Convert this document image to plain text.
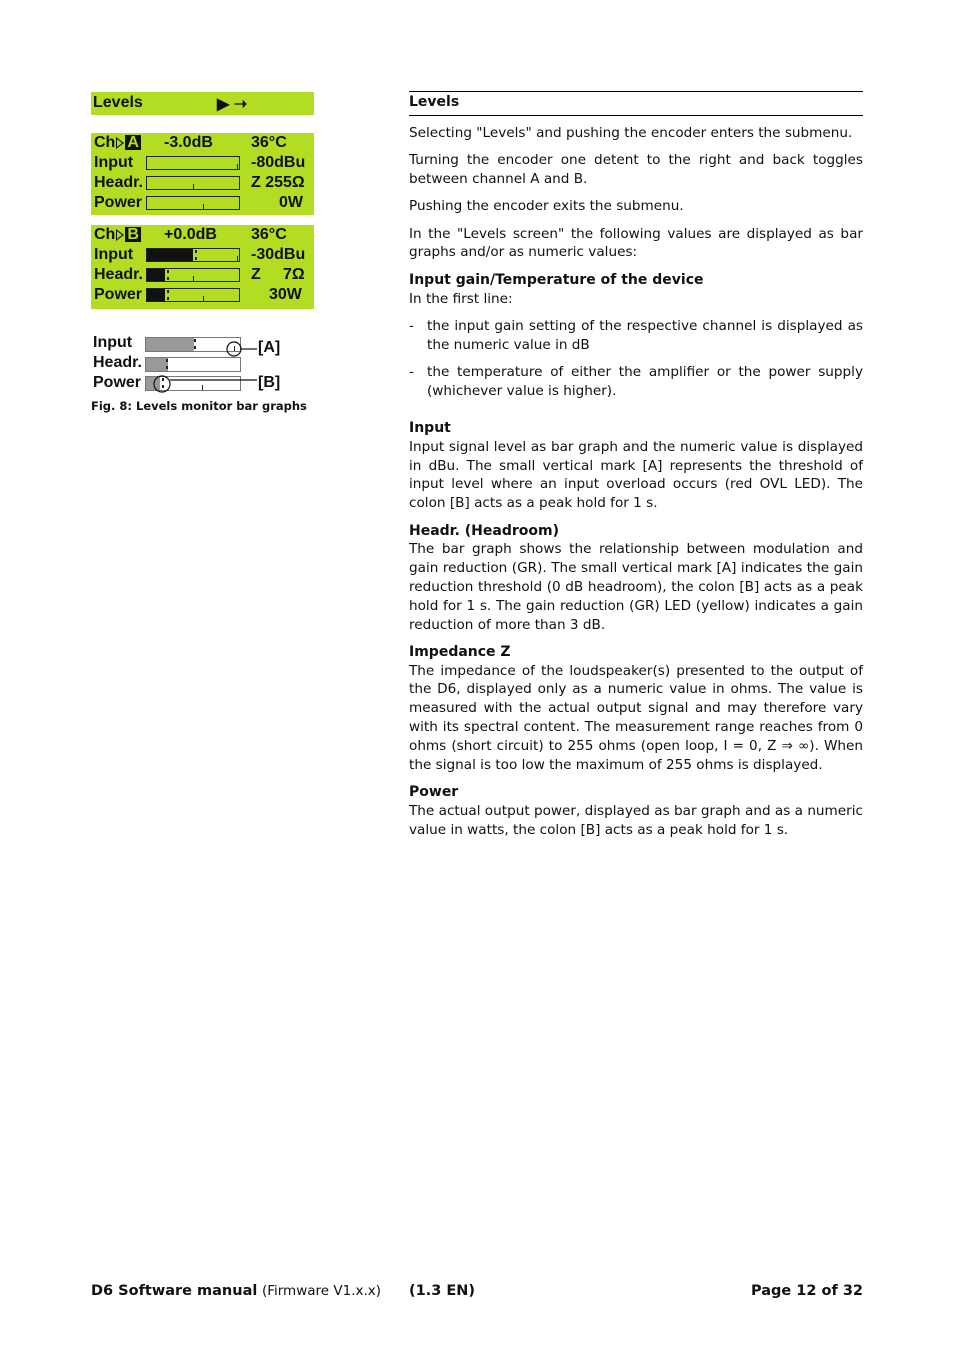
Levels	▶ ➝
Ch A -3.0dB 36°C
Input	-80dBu
Headr.	Z 255Ω
Power	0W
Ch B +0.0dB 36°C
Input	-30dBu
Headr.	Z     7Ω
Power	30W
Input
Headr.
Power
[A]
[B]
Fig. 8: Levels monitor bar graphs
Levels

Selecting "Levels" and pushing the encoder enters the submenu.

Turning the encoder one detent to the right and back toggles between channel A and B.

Pushing the encoder exits the submenu.

In the "Levels screen" the following values are displayed as bar graphs and/or as numeric values:

Input gain/Temperature of the device

In the first line:

- the input gain setting of the respective channel is displayed as the numeric value in dB
- the temperature of either the amplifier or the power supply (whichever value is higher).
Input

Input signal level as bar graph and the numeric value is displayed in dBu. The small vertical mark [A] represents the threshold of input level where an input overload occurs (red OVL LED). The colon [B] acts as a peak hold for 1 s.

Headr. (Headroom)

The bar graph shows the relationship between modulation and gain reduction (GR). The small vertical mark [A] indicates the gain reduction threshold (0 dB headroom), the colon [B] acts as a peak hold for 1 s. The gain reduction (GR) LED (yellow) indicates a gain reduction of more than 3 dB.

Impedance Z

The impedance of the loudspeaker(s) presented to the output of the D6, displayed only as a numeric value in ohms. The value is measured with the actual output signal and may therefore vary with its spectral content. The measurement range reaches from 0 ohms (short circuit) to 255 ohms (open loop, I = 0, Z ⇒ ∞). When the signal is too low the maximum of 255 ohms is displayed.

Power

The actual output power, displayed as bar graph and as a numeric value in watts, the colon [B] acts as a peak hold for 1 s.

D6 Software manual (Firmware V1.x.x) (1.3 EN)	Page 12 of 32
